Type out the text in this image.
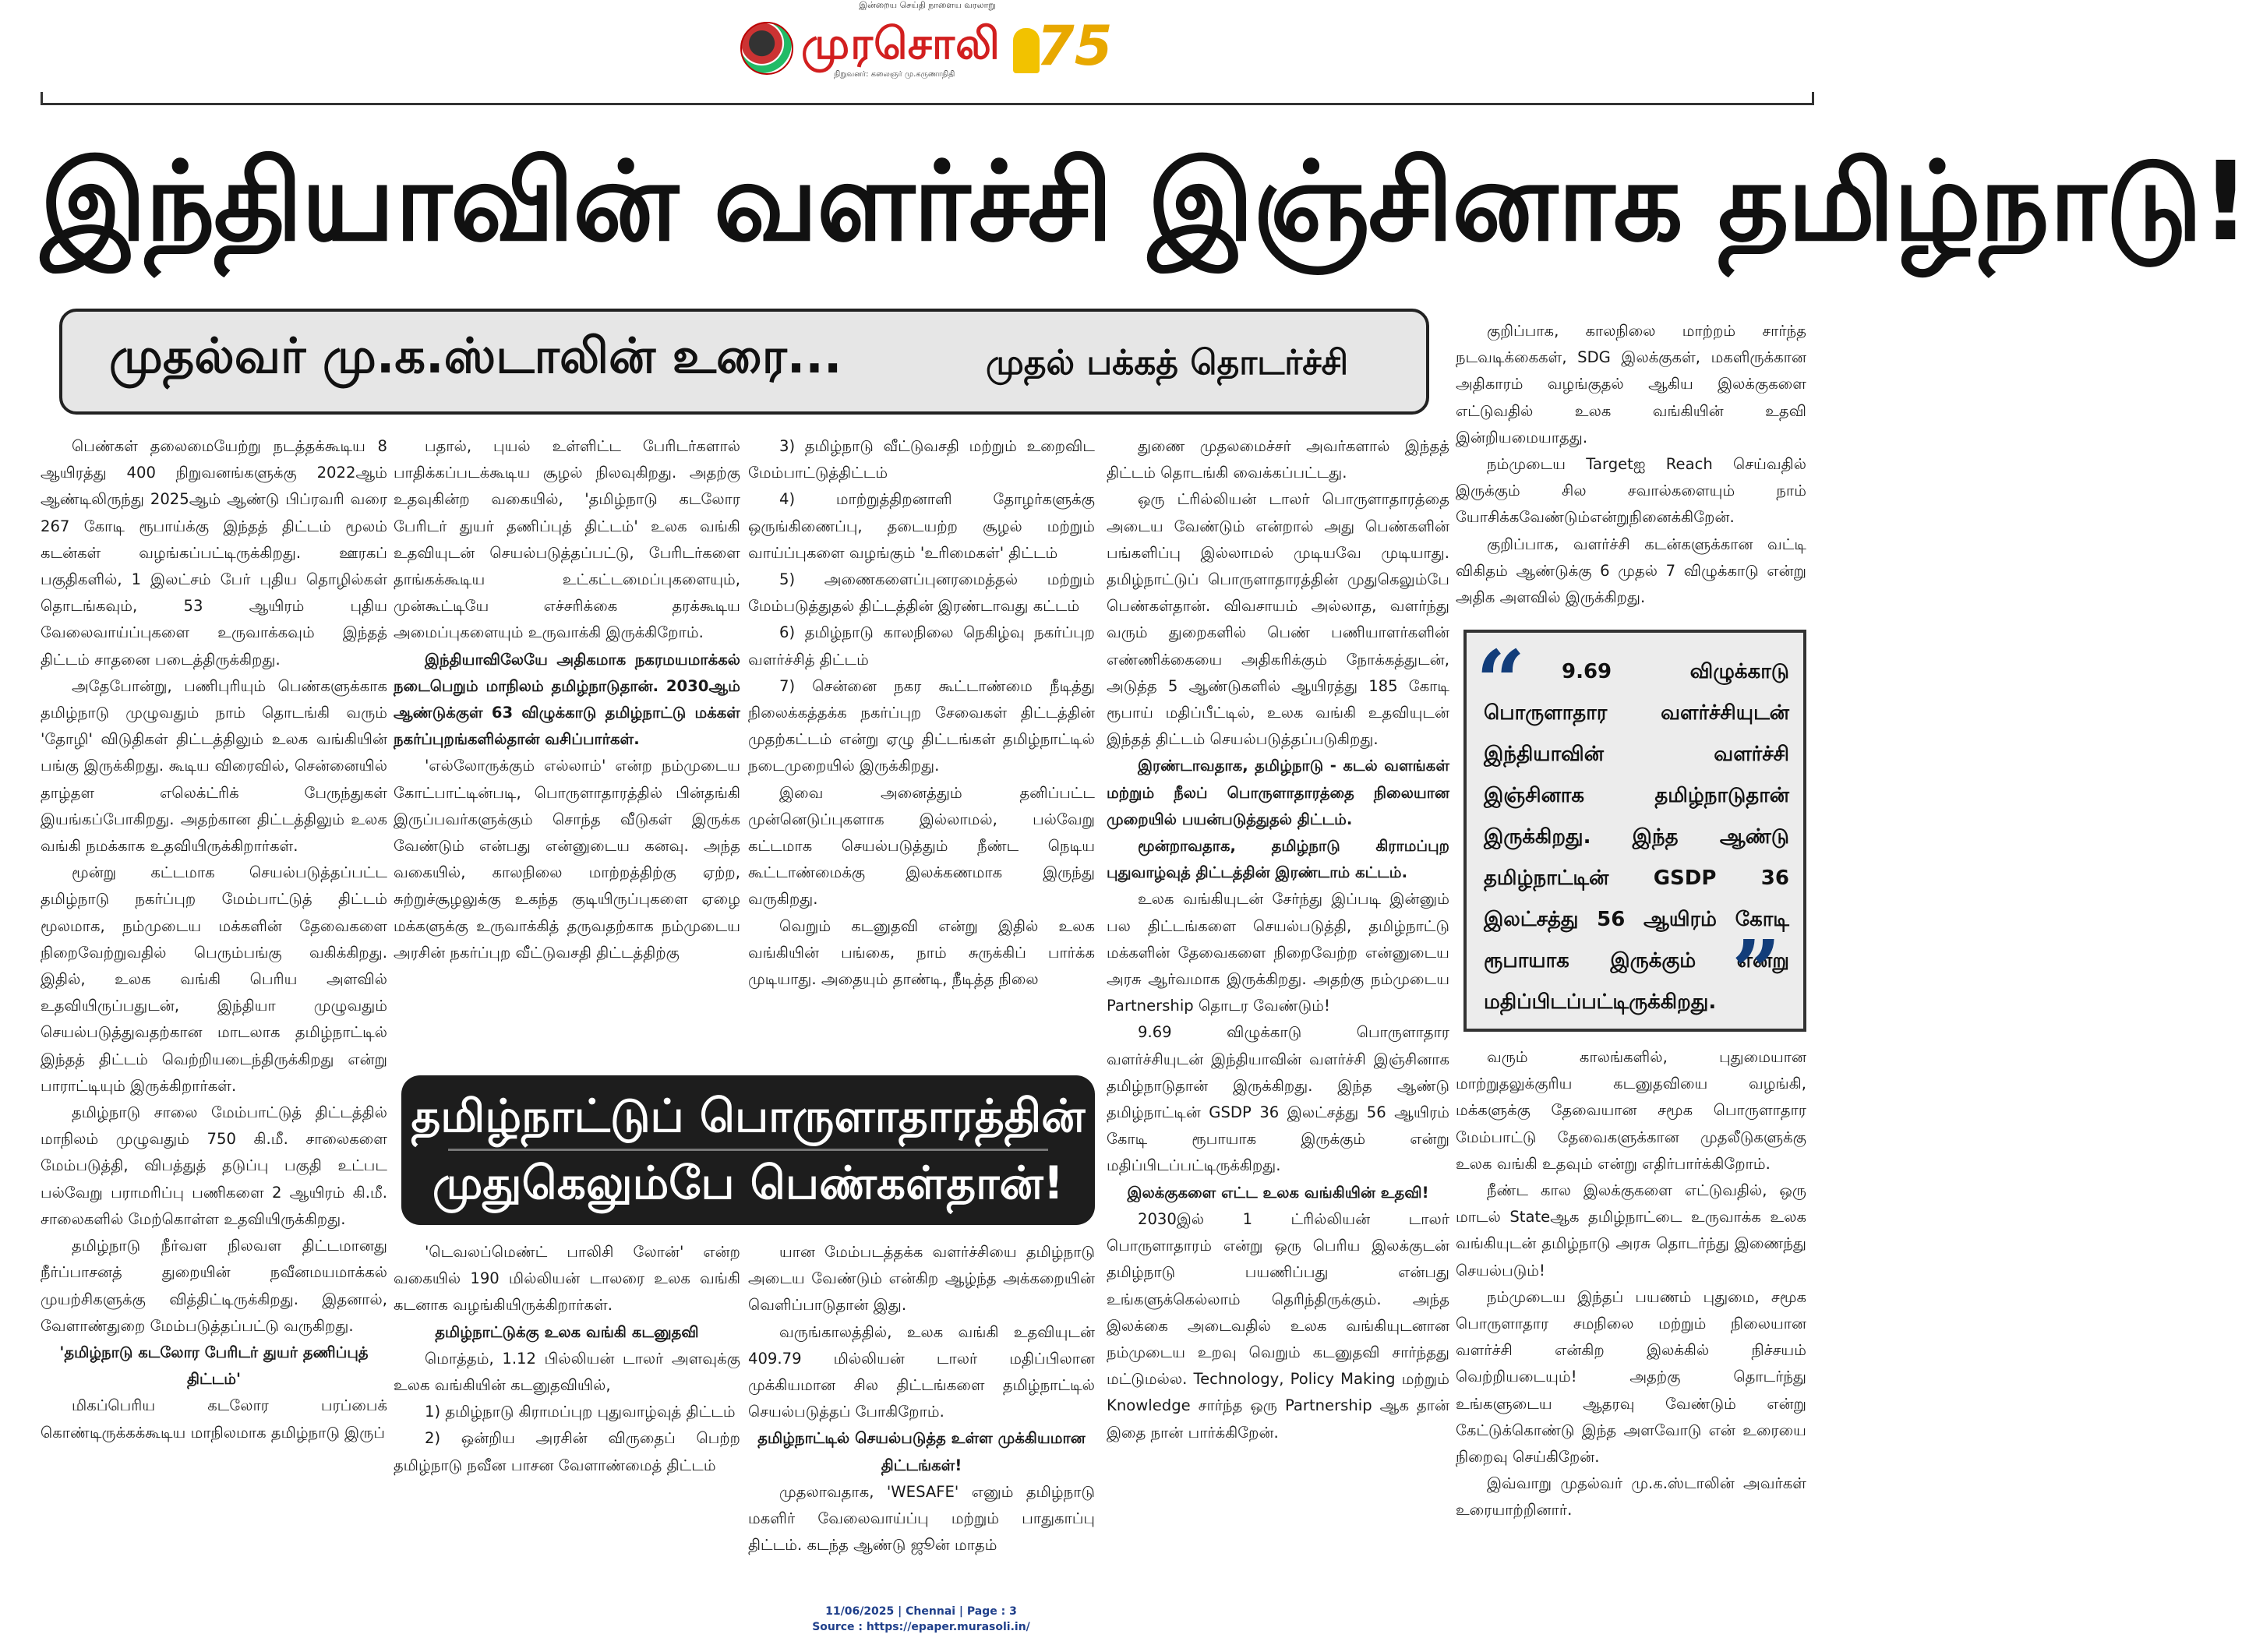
இன்றைய செய்தி நாளைய வரலாறு
முரசொலி
நிறுவனர்: கலைஞர் மு.கருணாநிதி 75
இந்தியாவின் வளர்ச்சி இஞ்சினாக தமிழ்நாடு!
முதல்வர் மு.க.ஸ்டாலின் உரை...	முதல் பக்கத் தொடர்ச்சி

பெண்கள் தலைமையேற்று நடத்தக்கூடிய 8 ஆயிரத்து 400 நிறுவனங்களுக்கு 2022ஆம் ஆண்டிலிருந்து 2025ஆம் ஆண்டு பிப்ரவரி வரை 267 கோடி ரூபாய்க்கு இந்தத் திட்டம் மூலம் கடன்கள் வழங்கப்பட்டிருக்கிறது. ஊரகப் பகுதிகளில், 1 இலட்சம் பேர் புதிய தொழில்கள் தொடங்கவும், 53 ஆயிரம் புதிய வேலைவாய்ப்புகளை உருவாக்கவும் இந்தத் திட்டம் சாதனை படைத்திருக்கிறது.

அதேபோன்று, பணிபுரியும் பெண்களுக்காக தமிழ்நாடு முழுவதும் நாம் தொடங்கி வரும் 'தோழி' விடுதிகள் திட்டத்திலும் உலக வங்கியின் பங்கு இருக்கிறது. கூடிய விரைவில், சென்னையில் தாழ்தள எலெக்ட்ரிக் பேருந்துகள் இயங்கப்போகிறது. அதற்கான திட்டத்திலும் உலக வங்கி நமக்காக உதவியிருக்கிறார்கள்.

மூன்று கட்டமாக செயல்படுத்தப்பட்ட தமிழ்நாடு நகர்ப்புற மேம்பாட்டுத் திட்டம் மூலமாக, நம்முடைய மக்களின் தேவைகளை நிறைவேற்றுவதில் பெரும்பங்கு வகிக்கிறது. இதில், உலக வங்கி பெரிய அளவில் உதவியிருப்பதுடன், இந்தியா முழுவதும் செயல்படுத்துவதற்கான மாடலாக தமிழ்நாட்டில் இந்தத் திட்டம் வெற்றியடைந்திருக்கிறது என்று பாராட்டியும் இருக்கிறார்கள்.

தமிழ்நாடு சாலை மேம்பாட்டுத் திட்டத்தில் மாநிலம் முழுவதும் 750 கி.மீ. சாலைகளை மேம்படுத்தி, விபத்துத் தடுப்பு பகுதி உட்பட பல்வேறு பராமரிப்பு பணிகளை 2 ஆயிரம் கி.மீ. சாலைகளில் மேற்கொள்ள உதவியிருக்கிறது.

தமிழ்நாடு நீர்வள நிலவள திட்டமானது நீர்ப்பாசனத் துறையின் நவீனமயமாக்கல் முயற்சிகளுக்கு வித்திட்டிருக்கிறது. இதனால், வேளாண்துறை மேம்படுத்தப்பட்டு வருகிறது.

'தமிழ்நாடு கடலோர பேரிடர் துயர் தணிப்புத் திட்டம்'

மிகப்பெரிய கடலோர பரப்பைக் கொண்டிருக்கக்கூடிய மாநிலமாக தமிழ்நாடு இருப்

பதால், புயல் உள்ளிட்ட பேரிடர்களால் பாதிக்கப்படக்கூடிய சூழல் நிலவுகிறது. அதற்கு உதவுகின்ற வகையில், 'தமிழ்நாடு கடலோர பேரிடர் துயர் தணிப்புத் திட்டம்' உலக வங்கி உதவியுடன் செயல்படுத்தப்பட்டு, பேரிடர்களை தாங்கக்கூடிய உட்கட்டமைப்புகளையும், முன்கூட்டியே எச்சரிக்கை தரக்கூடிய அமைப்புகளையும் உருவாக்கி இருக்கிறோம்.

இந்தியாவிலேயே அதிகமாக நகரமயமாக்கல் நடைபெறும் மாநிலம் தமிழ்நாடுதான். 2030ஆம் ஆண்டுக்குள் 63 விழுக்காடு தமிழ்நாட்டு மக்கள் நகர்ப்புறங்களில்தான் வசிப்பார்கள்.

'எல்லோருக்கும் எல்லாம்' என்ற நம்முடைய கோட்பாட்டின்படி, பொருளாதாரத்தில் பின்தங்கி இருப்பவர்களுக்கும் சொந்த வீடுகள் இருக்க வேண்டும் என்பது என்னுடைய கனவு. அந்த வகையில், காலநிலை மாற்றத்திற்கு ஏற்ற, சுற்றுச்சூழலுக்கு உகந்த குடியிருப்புகளை ஏழை மக்களுக்கு உருவாக்கித் தருவதற்காக நம்முடைய அரசின் நகர்ப்புற வீட்டுவசதி திட்டத்திற்கு

3) தமிழ்நாடு வீட்டுவசதி மற்றும் உறைவிட மேம்பாட்டுத்திட்டம்

4) மாற்றுத்திறனாளி தோழர்களுக்கு ஒருங்கிணைப்பு, தடையற்ற சூழல் மற்றும் வாய்ப்புகளை வழங்கும் 'உரிமைகள்' திட்டம்

5) அணைகளைப்புனரமைத்தல் மற்றும் மேம்படுத்துதல் திட்டத்தின் இரண்டாவது கட்டம்

6) தமிழ்நாடு காலநிலை நெகிழ்வு நகர்ப்புற வளர்ச்சித் திட்டம்

7) சென்னை நகர கூட்டாண்மை நீடித்து நிலைக்கத்தக்க நகர்ப்புற சேவைகள் திட்டத்தின் முதற்கட்டம் என்று ஏழு திட்டங்கள் தமிழ்நாட்டில் நடைமுறையில் இருக்கிறது.

இவை அனைத்தும் தனிப்பட்ட முன்னெடுப்புகளாக இல்லாமல், பல்வேறு கட்டமாக செயல்படுத்தும் நீண்ட நெடிய கூட்டாண்மைக்கு இலக்கணமாக இருந்து வருகிறது.

வெறும் கடனுதவி என்று இதில் உலக வங்கியின் பங்கை, நாம் சுருக்கிப் பார்க்க முடியாது. அதையும் தாண்டி, நீடித்த நிலை

தமிழ்நாட்டுப் பொருளாதாரத்தின்
முதுகெலும்பே பெண்கள்தான்!

'டெவலப்மெண்ட் பாலிசி லோன்' என்ற வகையில் 190 மில்லியன் டாலரை உலக வங்கி கடனாக வழங்கியிருக்கிறார்கள்.

தமிழ்நாட்டுக்கு உலக வங்கி கடனுதவி

மொத்தம், 1.12 பில்லியன் டாலர் அளவுக்கு உலக வங்கியின் கடனுதவியில்,

1) தமிழ்நாடு கிராமப்புற புதுவாழ்வுத் திட்டம்

2) ஒன்றிய அரசின் விருதைப் பெற்ற தமிழ்நாடு நவீன பாசன வேளாண்மைத் திட்டம்

யான மேம்படத்தக்க வளர்ச்சியை தமிழ்நாடு அடைய வேண்டும் என்கிற ஆழ்ந்த அக்கறையின் வெளிப்பாடுதான் இது.

வருங்காலத்தில், உலக வங்கி உதவியுடன் 409.79 மில்லியன் டாலர் மதிப்பிலான முக்கியமான சில திட்டங்களை தமிழ்நாட்டில் செயல்படுத்தப் போகிறோம்.

தமிழ்நாட்டில் செயல்படுத்த உள்ள முக்கியமான திட்டங்கள்!

முதலாவதாக, 'WESAFE' எனும் தமிழ்நாடு மகளிர் வேலைவாய்ப்பு மற்றும் பாதுகாப்பு திட்டம். கடந்த ஆண்டு ஜூன் மாதம்

துணை முதலமைச்சர் அவர்களால் இந்தத் திட்டம் தொடங்கி வைக்கப்பட்டது.

ஒரு ட்ரில்லியன் டாலர் பொருளாதாரத்தை அடைய வேண்டும் என்றால் அது பெண்களின் பங்களிப்பு இல்லாமல் முடியவே முடியாது. தமிழ்நாட்டுப் பொருளாதாரத்தின் முதுகெலும்பே பெண்கள்தான். விவசாயம் அல்லாத, வளர்ந்து வரும் துறைகளில் பெண் பணியாளர்களின் எண்ணிக்கையை அதிகரிக்கும் நோக்கத்துடன், அடுத்த 5 ஆண்டுகளில் ஆயிரத்து 185 கோடி ரூபாய் மதிப்பீட்டில், உலக வங்கி உதவியுடன் இந்தத் திட்டம் செயல்படுத்தப்படுகிறது.

இரண்டாவதாக, தமிழ்நாடு - கடல் வளங்கள் மற்றும் நீலப் பொருளாதாரத்தை நிலையான முறையில் பயன்படுத்துதல் திட்டம்.

மூன்றாவதாக, தமிழ்நாடு கிராமப்புற புதுவாழ்வுத் திட்டத்தின் இரண்டாம் கட்டம்.

உலக வங்கியுடன் சேர்ந்து இப்படி இன்னும் பல திட்டங்களை செயல்படுத்தி, தமிழ்நாட்டு மக்களின் தேவைகளை நிறைவேற்ற என்னுடைய அரசு ஆர்வமாக இருக்கிறது. அதற்கு நம்முடைய Partnership தொடர வேண்டும்!

9.69 விழுக்காடு பொருளாதார வளர்ச்சியுடன் இந்தியாவின் வளர்ச்சி இஞ்சினாக தமிழ்நாடுதான் இருக்கிறது. இந்த ஆண்டு தமிழ்நாட்டின் GSDP 36 இலட்சத்து 56 ஆயிரம் கோடி ரூபாயாக இருக்கும் என்று மதிப்பிடப்பட்டிருக்கிறது.

இலக்குகளை எட்ட உலக வங்கியின் உதவி!

2030இல் 1 ட்ரில்லியன் டாலர் பொருளாதாரம் என்று ஒரு பெரிய இலக்குடன் தமிழ்நாடு பயணிப்பது என்பது உங்களுக்கெல்லாம் தெரிந்திருக்கும். அந்த இலக்கை அடைவதில் உலக வங்கியுடனான நம்முடைய உறவு வெறும் கடனுதவி சார்ந்தது மட்டுமல்ல. Technology, Policy Making மற்றும் Knowledge சார்ந்த ஒரு Partnership ஆக தான் இதை நான் பார்க்கிறேன்.

குறிப்பாக, காலநிலை மாற்றம் சார்ந்த நடவடிக்கைகள், SDG இலக்குகள், மகளிருக்கான அதிகாரம் வழங்குதல் ஆகிய இலக்குகளை எட்டுவதில் உலக வங்கியின் உதவி இன்றியமையாதது.

நம்முடைய Targetஐ Reach செய்வதில் இருக்கும் சில சவால்களையும் நாம் யோசிக்கவேண்டும்என்றுநினைக்கிறேன்.

குறிப்பாக, வளர்ச்சி கடன்களுக்கான வட்டி விகிதம் ஆண்டுக்கு 6 முதல் 7 விழுக்காடு என்று அதிக அளவில் இருக்கிறது.

“	9.69 விழுக்காடு பொருளாதார வளர்ச்சியுடன் இந்தியாவின் வளர்ச்சி இஞ்சினாக தமிழ்நாடுதான் இருக்கிறது. இந்த ஆண்டு தமிழ்நாட்டின் GSDP 36 இலட்சத்து 56 ஆயிரம் கோடி ரூபாயாக இருக்கும் என்று மதிப்பிடப்பட்டிருக்கிறது. ”

வரும் காலங்களில், புதுமையான மாற்றுதலுக்குரிய கடனுதவியை வழங்கி, மக்களுக்கு தேவையான சமூக பொருளாதார மேம்பாட்டு தேவைகளுக்கான முதலீடுகளுக்கு உலக வங்கி உதவும் என்று எதிர்பார்க்கிறோம்.

நீண்ட கால இலக்குகளை எட்டுவதில், ஒரு மாடல் Stateஆக தமிழ்நாட்டை உருவாக்க உலக வங்கியுடன் தமிழ்நாடு அரசு தொடர்ந்து இணைந்து செயல்படும்!

நம்முடைய இந்தப் பயணம் புதுமை, சமூக பொருளாதார சமநிலை மற்றும் நிலையான வளர்ச்சி என்கிற இலக்கில் நிச்சயம் வெற்றியடையும்! அதற்கு தொடர்ந்து உங்களுடைய ஆதரவு வேண்டும் என்று கேட்டுக்கொண்டு இந்த அளவோடு என் உரையை நிறைவு செய்கிறேன்.

இவ்வாறு முதல்வர் மு.க.ஸ்டாலின் அவர்கள் உரையாற்றினார்.

11/06/2025 | Chennai | Page : 3
Source : https://epaper.murasoli.in/
